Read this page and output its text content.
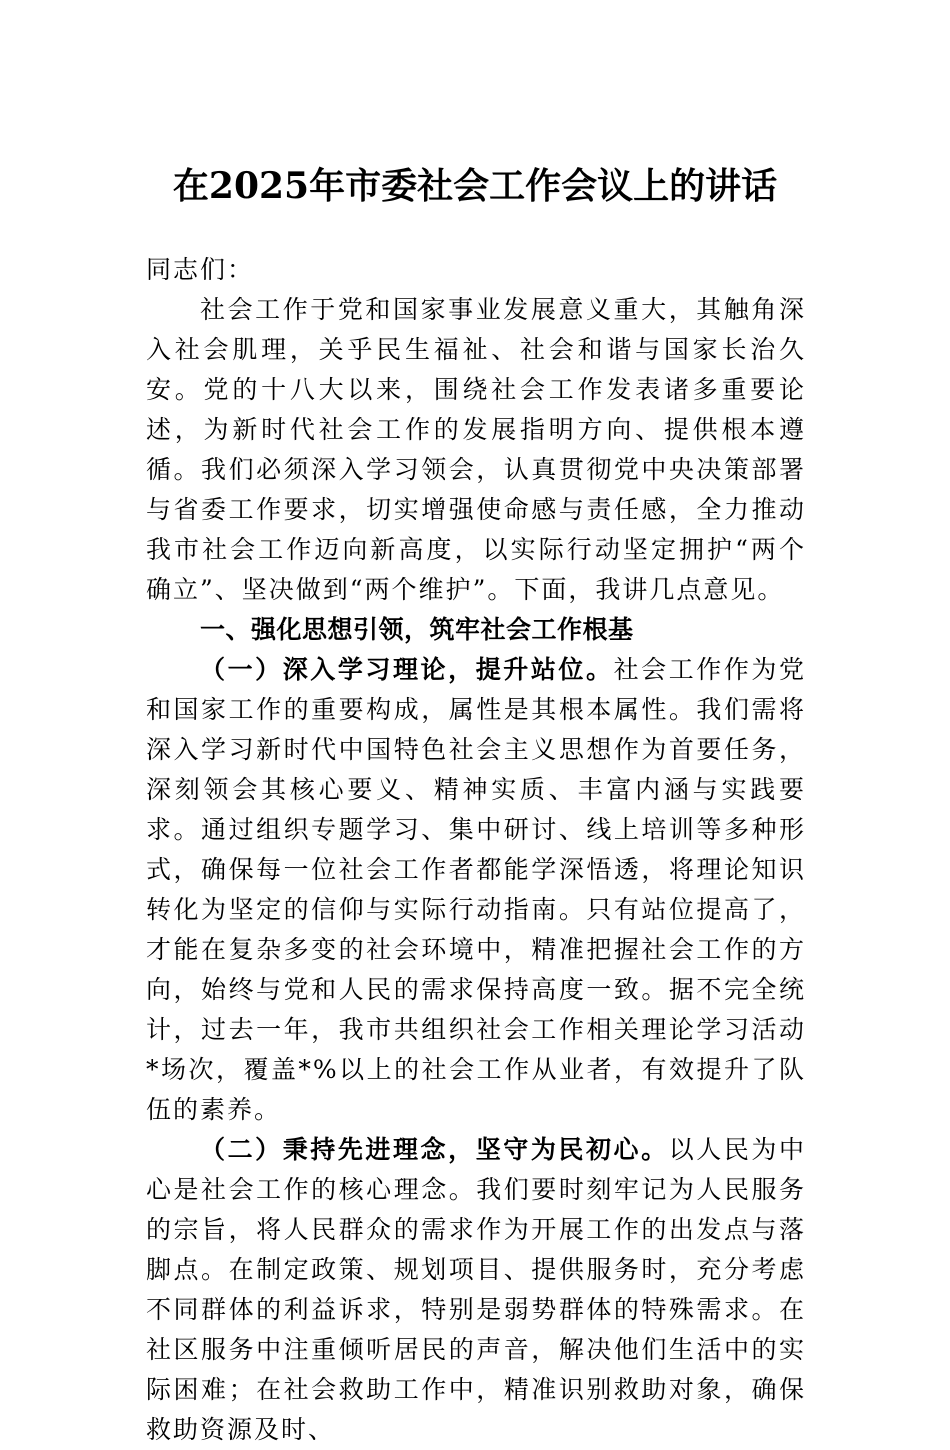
在2025年市委社会工作会议上的讲话

同志们：

社会工作于党和国家事业发展意义重大，其触角深入社会肌理，关乎民生福祉、社会和谐与国家长治久安。党的十八大以来，围绕社会工作发表诸多重要论述，为新时代社会工作的发展指明方向、提供根本遵循。我们必须深入学习领会，认真贯彻党中央决策部署与省委工作要求，切实增强使命感与责任感，全力推动我市社会工作迈向新高度，以实际行动坚定拥护“两个确立”、坚决做到“两个维护”。下面，我讲几点意见。

一、强化思想引领，筑牢社会工作根基

（一）深入学习理论，提升站位。社会工作作为党和国家工作的重要构成，属性是其根本属性。我们需将深入学习新时代中国特色社会主义思想作为首要任务，深刻领会其核心要义、精神实质、丰富内涵与实践要求。通过组织专题学习、集中研讨、线上培训等多种形式，确保每一位社会工作者都能学深悟透，将理论知识转化为坚定的信仰与实际行动指南。只有站位提高了，才能在复杂多变的社会环境中，精准把握社会工作的方向，始终与党和人民的需求保持高度一致。据不完全统计，过去一年，我市共组织社会工作相关理论学习活动*场次，覆盖*%以上的社会工作从业者，有效提升了队伍的素养。

（二）秉持先进理念，坚守为民初心。以人民为中心是社会工作的核心理念。我们要时刻牢记为人民服务的宗旨，将人民群众的需求作为开展工作的出发点与落脚点。在制定政策、规划项目、提供服务时，充分考虑不同群体的利益诉求，特别是弱势群体的特殊需求。在社区服务中注重倾听居民的声音，解决他们生活中的实际困难；在社会救助工作中，精准识别救助对象，确保救助资源及时、
